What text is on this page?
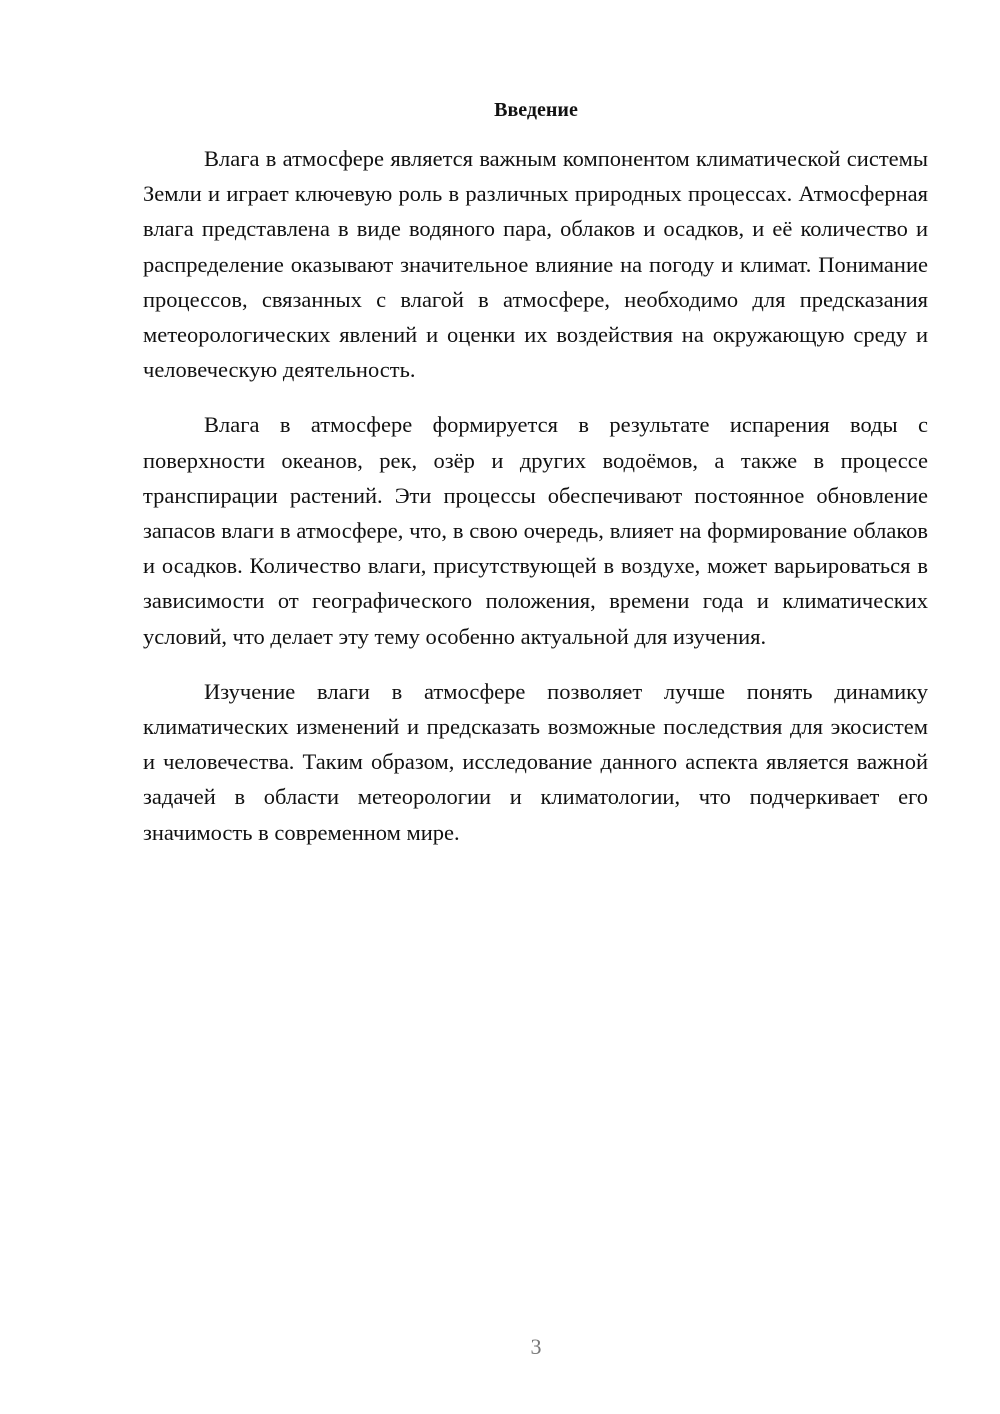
Введение

Влага в атмосфере является важным компонентом климатической системы Земли и играет ключевую роль в различных природных процессах. Атмосферная влага представлена в виде водяного пара, облаков и осадков, и её количество и распределение оказывают значительное влияние на погоду и климат. Понимание процессов, связанных с влагой в атмосфере, необходимо для предсказания метеорологических явлений и оценки их воздействия на окружающую среду и человеческую деятельность.

Влага в атмосфере формируется в результате испарения воды с поверхности океанов, рек, озёр и других водоёмов, а также в процессе транспирации растений. Эти процессы обеспечивают постоянное обновление запасов влаги в атмосфере, что, в свою очередь, влияет на формирование облаков и осадков. Количество влаги, присутствующей в воздухе, может варьироваться в зависимости от географического положения, времени года и климатических условий, что делает эту тему особенно актуальной для изучения.

Изучение влаги в атмосфере позволяет лучше понять динамику климатических изменений и предсказать возможные последствия для экосистем и человечества. Таким образом, исследование данного аспекта является важной задачей в области метеорологии и климатологии, что подчеркивает его значимость в современном мире.

3
